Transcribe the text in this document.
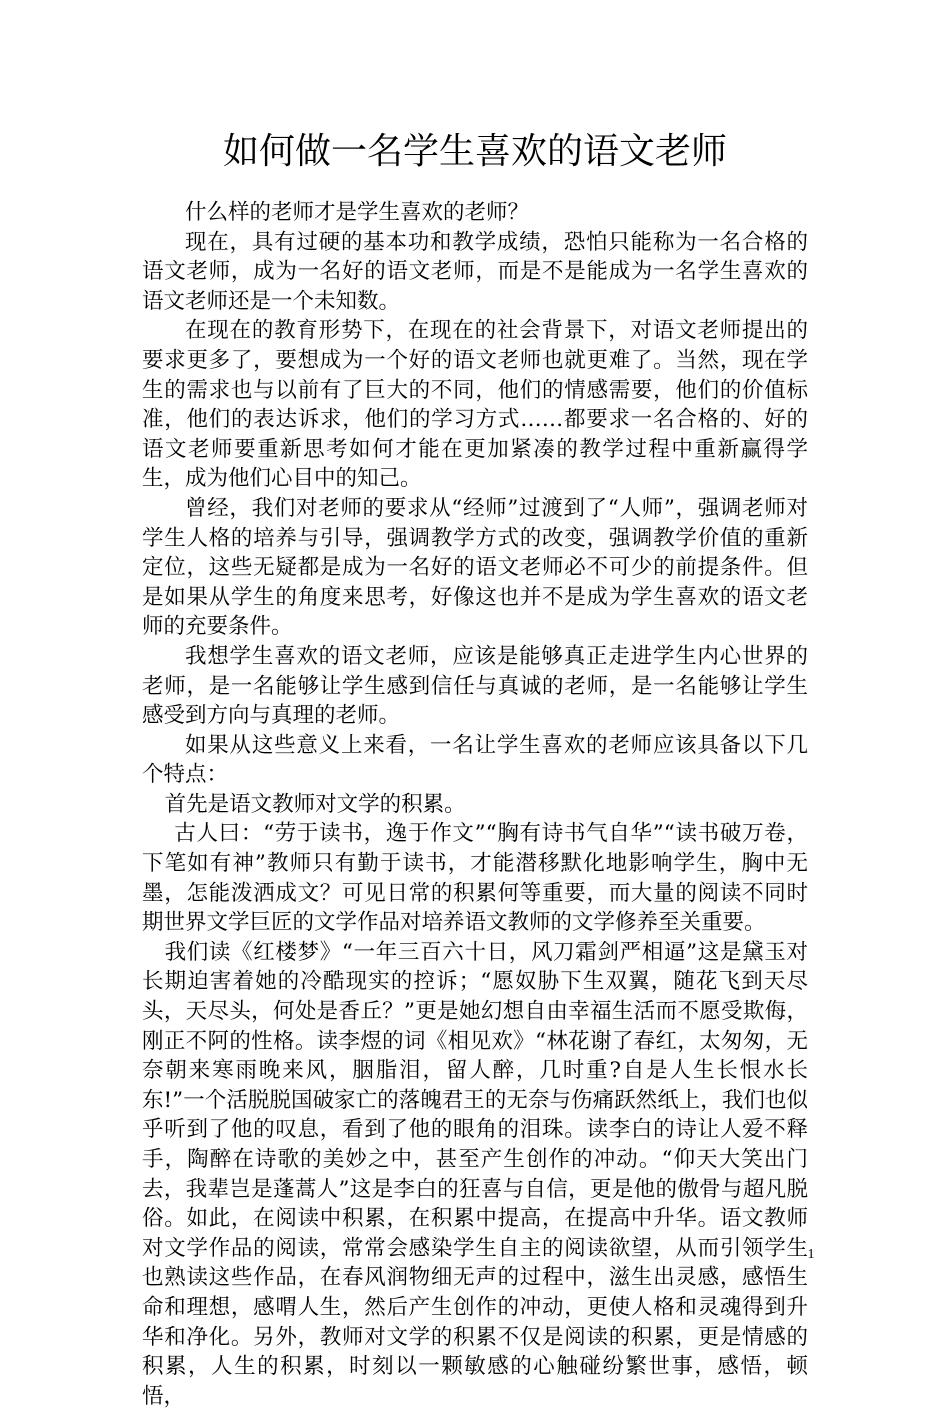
如何做一名学生喜欢的语文老师

什么样的老师才是学生喜欢的老师？

现在，具有过硬的基本功和教学成绩，恐怕只能称为一名合格的语文老师，成为一名好的语文老师，而是不是能成为一名学生喜欢的语文老师还是一个未知数。

在现在的教育形势下，在现在的社会背景下，对语文老师提出的要求更多了，要想成为一个好的语文老师也就更难了。当然，现在学生的需求也与以前有了巨大的不同，他们的情感需要，他们的价值标准，他们的表达诉求，他们的学习方式……都要求一名合格的、好的语文老师要重新思考如何才能在更加紧凑的教学过程中重新赢得学生，成为他们心目中的知己。

曾经，我们对老师的要求从“经师”过渡到了“人师”，强调老师对学生人格的培养与引导，强调教学方式的改变，强调教学价值的重新定位，这些无疑都是成为一名好的语文老师必不可少的前提条件。但是如果从学生的角度来思考，好像这也并不是成为学生喜欢的语文老师的充要条件。

我想学生喜欢的语文老师，应该是能够真正走进学生内心世界的老师，是一名能够让学生感到信任与真诚的老师，是一名能够让学生感受到方向与真理的老师。

如果从这些意义上来看，一名让学生喜欢的老师应该具备以下几个特点：

首先是语文教师对文学的积累。

古人曰：“劳于读书，逸于作文”“胸有诗书气自华”“读书破万卷，下笔如有神”教师只有勤于读书，才能潜移默化地影响学生，胸中无墨，怎能泼洒成文？可见日常的积累何等重要，而大量的阅读不同时期世界文学巨匠的文学作品对培养语文教师的文学修养至关重要。

我们读《红楼梦》“一年三百六十日，风刀霜剑严相逼”这是黛玉对长期迫害着她的冷酷现实的控诉；“愿奴胁下生双翼，随花飞到天尽头，天尽头，何处是香丘？”更是她幻想自由幸福生活而不愿受欺侮，刚正不阿的性格。读李煜的词《相见欢》“林花谢了春红，太匆匆，无奈朝来寒雨晚来风，胭脂泪，留人醉，几时重?自是人生长恨水长东!”一个活脱脱国破家亡的落魄君王的无奈与伤痛跃然纸上，我们也似乎听到了他的叹息，看到了他的眼角的泪珠。读李白的诗让人爱不释手，陶醉在诗歌的美妙之中，甚至产生创作的冲动。“仰天大笑出门去，我辈岂是蓬蒿人”这是李白的狂喜与自信，更是他的傲骨与超凡脱俗。如此，在阅读中积累，在积累中提高，在提高中升华。语文教师对文学作品的阅读，常常会感染学生自主的阅读欲望，从而引领学生也熟读这些作品，在春风润物细无声的过程中，滋生出灵感，感悟生命和理想，感喟人生，然后产生创作的冲动，更使人格和灵魂得到升华和净化。另外，教师对文学的积累不仅是阅读的积累，更是情感的积累，人生的积累，时刻以一颗敏感的心触碰纷繁世事，感悟，顿悟，

1
